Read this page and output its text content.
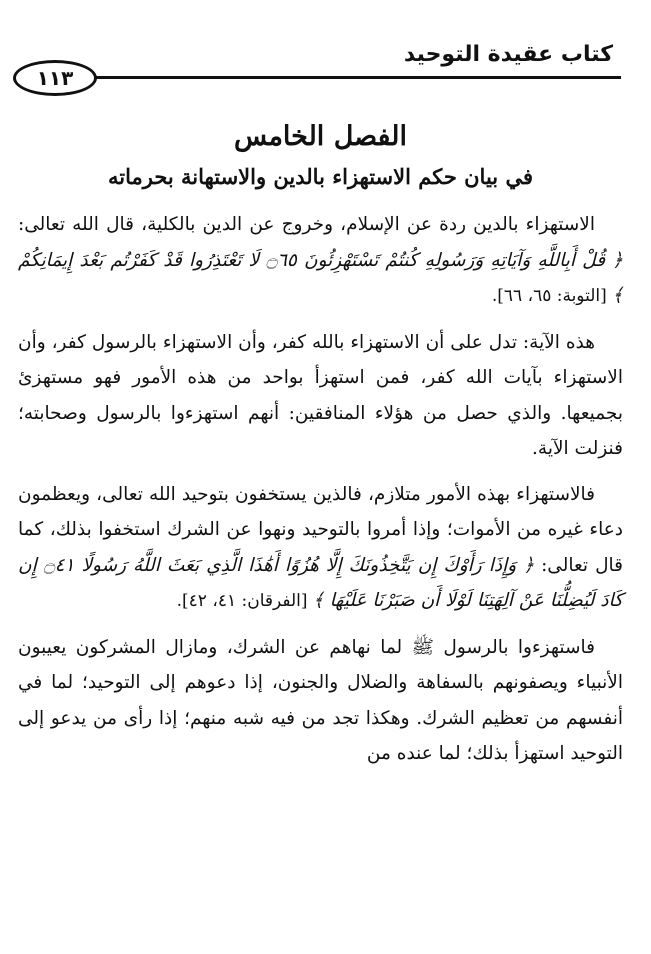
كتاب عقيدة التوحيد
١١٣
الفصل الخامس
في بيان حكم الاستهزاء بالدين والاستهانة بحرماته

الاستهزاء بالدين ردة عن الإسلام، وخروج عن الدين بالكلية، قال الله تعالى: ﴿ قُلْ أَبِاللَّهِ وَآيَاتِهِ وَرَسُولِهِ كُنتُمْ تَسْتَهْزِئُونَ ۝٦٥ لَا تَعْتَذِرُوا قَدْ كَفَرْتُم بَعْدَ إِيمَانِكُمْ ﴾ [التوبة: ٦٥، ٦٦].

هذه الآية: تدل على أن الاستهزاء بالله كفر، وأن الاستهزاء بالرسول كفر، وأن الاستهزاء بآيات الله كفر، فمن استهزأ بواحد من هذه الأمور فهو مستهزئ بجميعها. والذي حصل من هؤلاء المنافقين: أنهم استهزءوا بالرسول وصحابته؛ فنزلت الآية.

فالاستهزاء بهذه الأمور متلازم، فالذين يستخفون بتوحيد الله تعالى، ويعظمون دعاء غيره من الأموات؛ وإذا أمروا بالتوحيد ونهوا عن الشرك استخفوا بذلك، كما قال تعالى: ﴿ وَإِذَا رَأَوْكَ إِن يَتَّخِذُونَكَ إِلَّا هُزُوًا أَهَٰذَا الَّذِي بَعَثَ اللَّهُ رَسُولًا ۝٤١ إِن كَادَ لَيُضِلُّنَا عَنْ آلِهَتِنَا لَوْلَا أَن صَبَرْنَا عَلَيْهَا ﴾ [الفرقان: ٤١، ٤٢].

فاستهزءوا بالرسول ﷺ لما نهاهم عن الشرك، ومازال المشركون يعيبون الأنبياء ويصفونهم بالسفاهة والضلال والجنون، إذا دعوهم إلى التوحيد؛ لما في أنفسهم من تعظيم الشرك. وهكذا تجد من فيه شبه منهم؛ إذا رأى من يدعو إلى التوحيد استهزأ بذلك؛ لما عنده من
